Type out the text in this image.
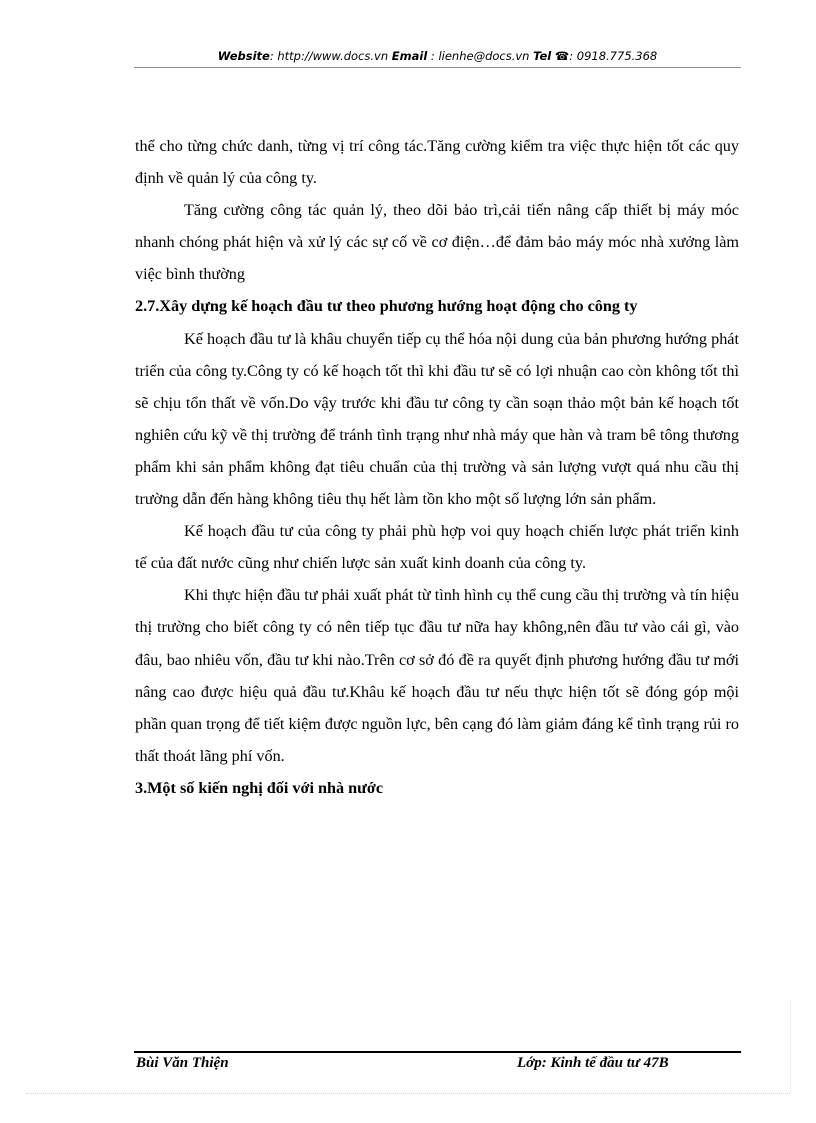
Website: http://www.docs.vn Email : lienhe@docs.vn Tel ☎: 0918.775.368

thể cho từng chức danh, từng vị trí công tác.Tăng cường kiểm tra việc thực hiện tốt các quy định về quản lý của công ty.

Tăng cường công tác quản lý, theo dõi bảo trì,cải tiến nâng cấp thiết bị máy móc nhanh chóng phát hiện và xử lý các sự cố về cơ điện…để đảm bảo máy móc nhà xưởng làm việc bình thường

2.7.Xây dựng kế hoạch đầu tư theo phương hướng hoạt động cho công ty

Kế hoạch đầu tư là khâu chuyển tiếp cụ thể hóa nội dung của bản phương hướng phát triển của công ty.Công ty có kế hoạch tốt thì khi đầu tư sẽ có lợi nhuận cao còn không tốt thì sẽ chịu tổn thất về vốn.Do vậy trước khi đầu tư công ty cần soạn thảo một bản kế hoạch tốt nghiên cứu kỹ về thị trường để tránh tình trạng như nhà máy que hàn và tram bê tông thương phẩm khi sản phẩm không đạt tiêu chuẩn của thị trường và sản lượng vượt quá nhu cầu thị trường dẫn đến hàng không tiêu thụ hết làm tồn kho một số lượng lớn sản phẩm.

Kế hoạch đầu tư của công ty phải phù hợp voi quy hoạch chiến lược phát triển kinh tế của đất nước cũng như chiến lược sản xuất kinh doanh của công ty.

Khi thực hiện đầu tư phải xuất phát từ tình hình cụ thể cung cầu thị trường và tín hiệu thị trường cho biết công ty có nên tiếp tục đầu tư nữa hay không,nên đầu tư vào cái gì, vào đâu, bao nhiêu vốn, đầu tư khi nào.Trên cơ sở đó đề ra quyết định phương hướng đầu tư mới nâng cao được hiệu quả đầu tư.Khâu kế hoạch đầu tư nếu thực hiện tốt sẽ đóng góp mội phần quan trọng để tiết kiệm được nguồn lực, bên cạng đó làm giảm đáng kể tình trạng rủi ro thất thoát lãng phí vốn.

3.Một số kiến nghị đối với nhà nước

Bùi Văn Thiện	Lớp: Kinh tế đầu tư 47B
